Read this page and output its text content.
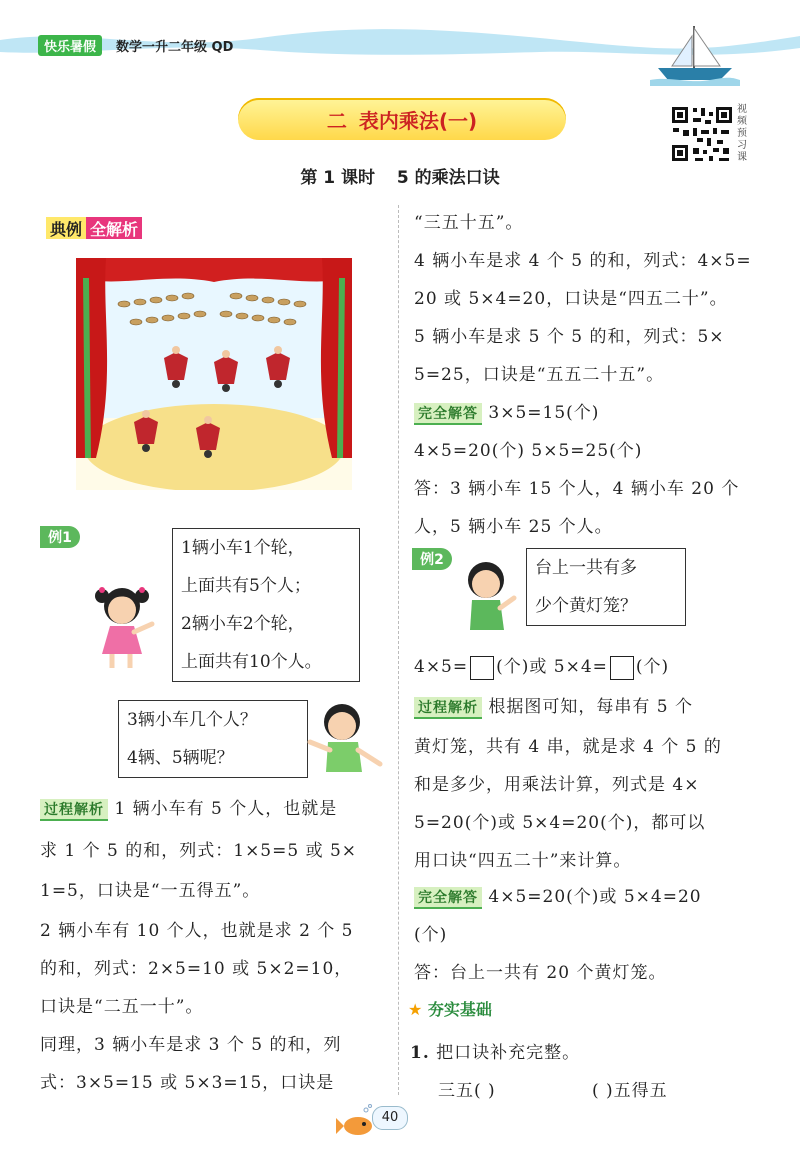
快乐暑假	数学一升二年级 QD
二 表内乘法(一)	视频预习课
第 1 课时 5 的乘法口诀
典例 全解析
例1	1辆小车1个轮，
上面共有5个人；
2辆小车2个轮，
上面共有10个人。
3辆小车几个人？
4辆、5辆呢？
过程解析 1 辆小车有 5 个人，也就是
求 1 个 5 的和，列式：1×5=5 或 5×
1=5，口诀是“一五得五”。
2 辆小车有 10 个人，也就是求 2 个 5
的和，列式：2×5=10 或 5×2=10，
口诀是“二五一十”。
同理，3 辆小车是求 3 个 5 的和，列
式：3×5=15 或 5×3=15，口诀是
“三五十五”。
4 辆小车是求 4 个 5 的和，列式：4×5=
20 或 5×4=20，口诀是“四五二十”。
5 辆小车是求 5 个 5 的和，列式：5×
5=25，口诀是“五五二十五”。
完全解答 3×5=15(个)
4×5=20(个) 5×5=25(个)
答：3 辆小车 15 个人，4 辆小车 20 个
人，5 辆小车 25 个人。
例2	台上一共有多
少个黄灯笼？
4×5= (个)或 5×4= (个)
过程解析 根据图可知，每串有 5 个
黄灯笼，共有 4 串，就是求 4 个 5 的
和是多少，用乘法计算，列式是 4×
5=20(个)或 5×4=20(个)，都可以
用口诀“四五二十”来计算。
完全解答 4×5=20(个)或 5×4=20
(个)
答：台上一共有 20 个黄灯笼。
★ 夯实基础
1. 把口诀补充完整。
三五( )	( )五得五
40
